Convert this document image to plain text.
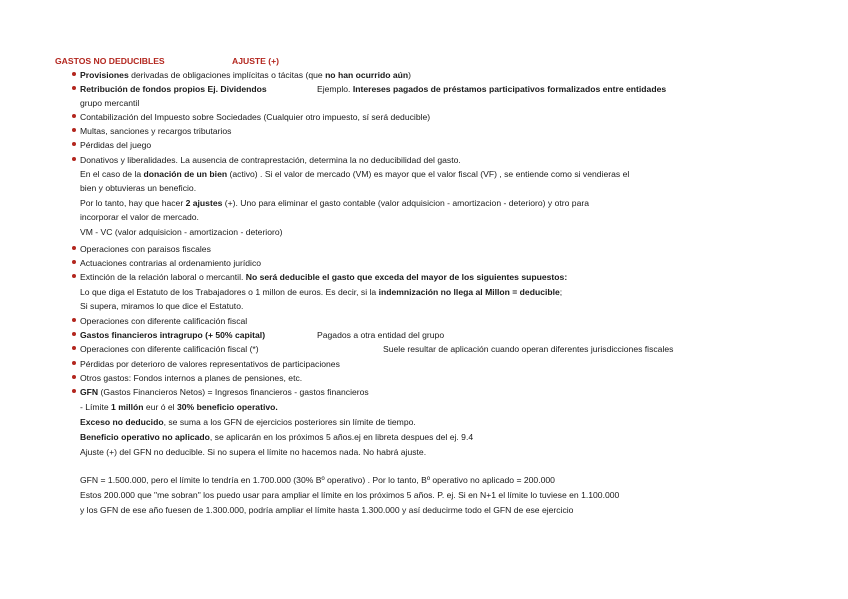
GASTOS NO DEDUCIBLES	AJUSTE (+)
Provisiones derivadas de obligaciones implícitas o tácitas (que no han ocurrido aún)
Retribución de fondos propios Ej. Dividendos	Ejemplo. Intereses pagados de préstamos participativos formalizados entre entidades
grupo mercantil
Contabilización del Impuesto sobre Sociedades (Cualquier otro impuesto, sí será deducible)
Multas, sanciones y recargos tributarios
Pérdidas del juego
Donativos y liberalidades. La ausencia de contraprestación, determina la no deducibilidad del gasto.
En el caso de la donación de un bien (activo) . Si el valor de mercado (VM) es mayor que el valor fiscal (VF) , se entiende como si vendieras el
bien y obtuvieras un beneficio.
Por lo tanto, hay que hacer 2 ajustes (+). Uno para eliminar el gasto contable (valor adquisicion - amortizacion - deterioro) y otro para
incorporar el valor de mercado.
VM - VC (valor adquisicion - amortizacion - deterioro)
Operaciones con paraisos fiscales
Actuaciones contrarias al ordenamiento jurídico
Extinción de la relación laboral o mercantil. No será deducible el gasto que exceda del mayor de los siguientes supuestos:
Lo que diga el Estatuto de los Trabajadores o 1 millon de euros. Es decir, si la indemnización no llega al Millon = deducible;
Si supera, miramos lo que dice el Estatuto.
Operaciones con diferente calificación fiscal
Gastos financieros intragrupo (+ 50% capital)	Pagados a otra entidad del grupo
Operaciones con diferente calificación fiscal (*)	Suele resultar de aplicación cuando operan diferentes jurisdicciones fiscales
Pérdidas por deterioro de valores representativos de participaciones
Otros gastos: Fondos internos a planes de pensiones, etc.
GFN (Gastos Financieros Netos) = Ingresos financieros - gastos financieros
- Límite 1 millón eur ó el 30% beneficio operativo.
Exceso no deducido, se suma a los GFN de ejercicios posteriores sin límite de tiempo.
Beneficio operativo no aplicado, se aplicarán en los próximos 5 años.ej en libreta despues del ej. 9.4
Ajuste (+) del GFN no deducible. Si no supera el límite no hacemos nada. No habrá ajuste.
GFN = 1.500.000, pero el límite lo tendría en 1.700.000 (30% Bº operativo) . Por lo tanto, Bº operativo no aplicado = 200.000
Estos 200.000 que "me sobran" los puedo usar para ampliar el límite en los próximos 5 años. P. ej. Si en N+1 el límite lo tuviese en 1.100.000
y los GFN de ese año fuesen de 1.300.000, podría ampliar el límite hasta 1.300.000 y así deducirme todo el GFN de ese ejercicio
